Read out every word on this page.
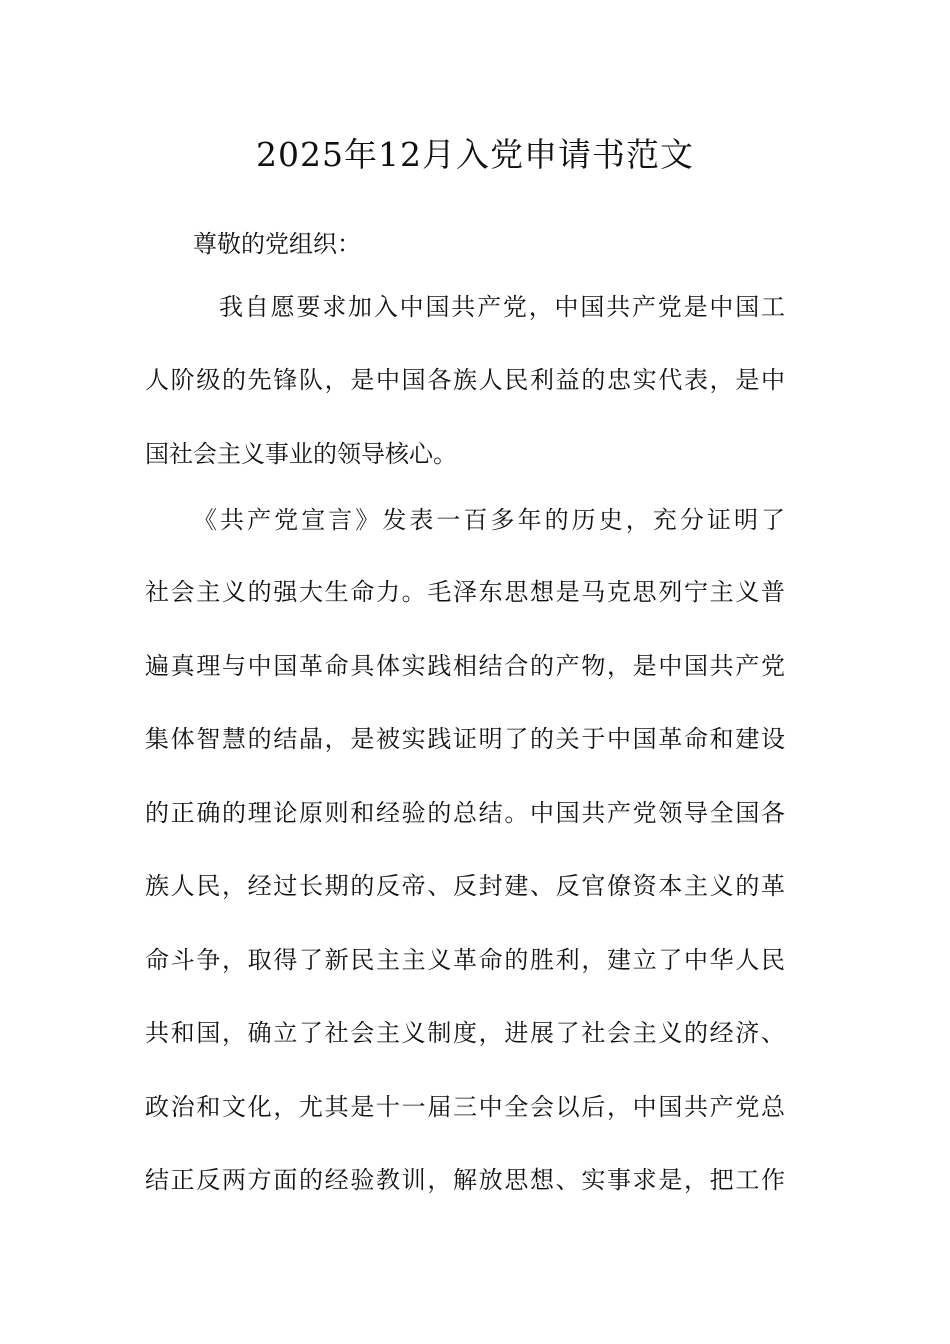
2025年12月入党申请书范文
尊敬的党组织：
我自愿要求加入中国共产党，中国共产党是中国工
人阶级的先锋队，是中国各族人民利益的忠实代表，是中
国社会主义事业的领导核心。
《共产党宣言》发表一百多年的历史，充分证明了
社会主义的强大生命力。毛泽东思想是马克思列宁主义普
遍真理与中国革命具体实践相结合的产物，是中国共产党
集体智慧的结晶，是被实践证明了的关于中国革命和建设
的正确的理论原则和经验的总结。中国共产党领导全国各
族人民，经过长期的反帝、反封建、反官僚资本主义的革
命斗争，取得了新民主主义革命的胜利，建立了中华人民
共和国，确立了社会主义制度，进展了社会主义的经济、
政治和文化，尤其是十一届三中全会以后，中国共产党总
结正反两方面的经验教训，解放思想、实事求是，把工作
